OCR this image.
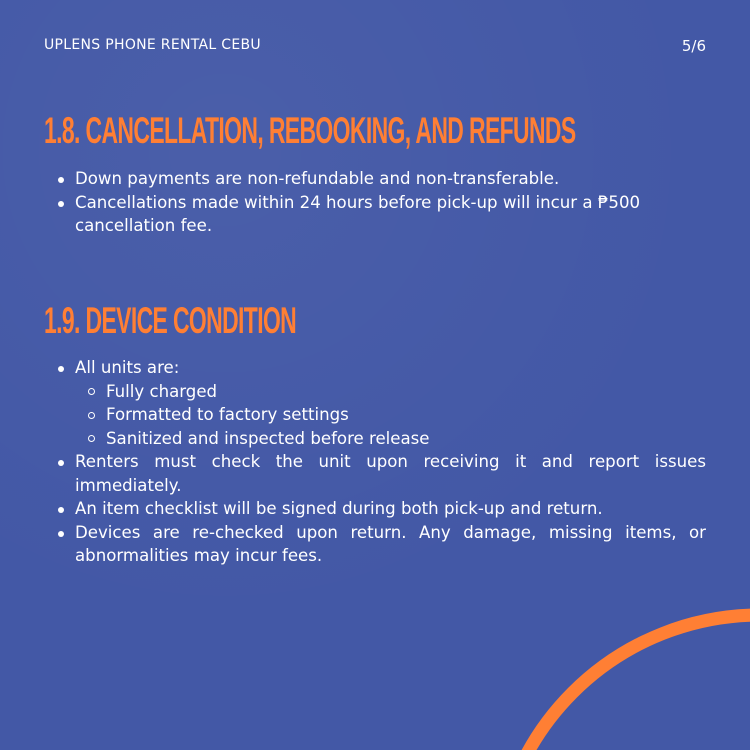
UPLENS PHONE RENTAL CEBU	5/6
1.8. CANCELLATION, REBOOKING, AND REFUNDS
Down payments are non-refundable and non-transferable.
Cancellations made within 24 hours before pick-up will incur a ₱500 cancellation fee.
1.9. DEVICE CONDITION
All units are:
Fully charged
Formatted to factory settings
Sanitized and inspected before release
Renters must check the unit upon receiving it and report issues immediately.
An item checklist will be signed during both pick-up and return.
Devices are re-checked upon return. Any damage, missing items, or abnormalities may incur fees.
